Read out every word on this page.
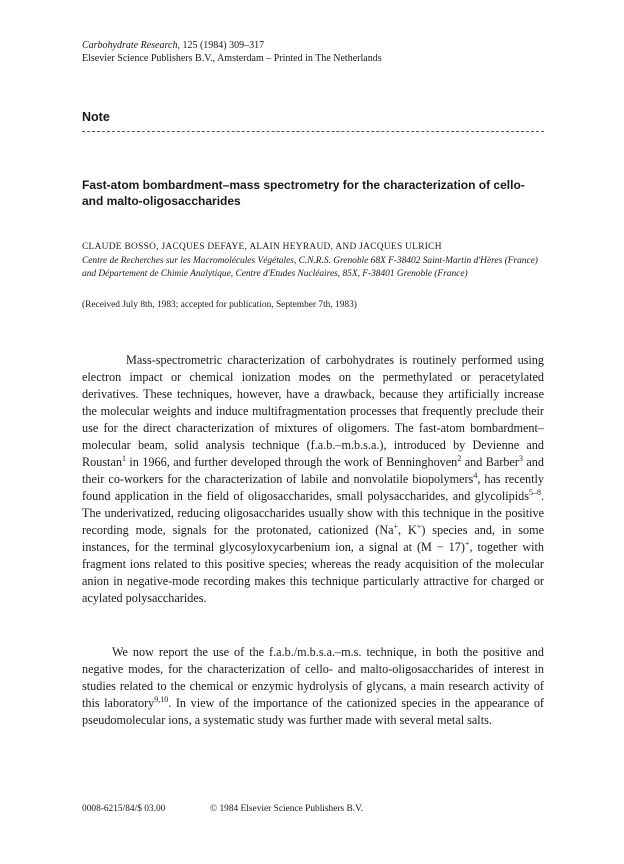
Carbohydrate Research, 125 (1984) 309–317
Elsevier Science Publishers B.V., Amsterdam – Printed in The Netherlands
Note
Fast-atom bombardment–mass spectrometry for the characterization of cello- and malto-oligosaccharides
CLAUDE BOSSO, JACQUES DEFAYE, ALAIN HEYRAUD, AND JACQUES ULRICH
Centre de Recherches sur les Macromolécules Végétales, C.N.R.S. Grenoble 68X F-38402 Saint-Martin d'Hères (France) and Département de Chimie Analytique, Centre d'Etudes Nucléaires, 85X, F-38401 Grenoble (France)
(Received July 8th, 1983; accepted for publication, September 7th, 1983)

Mass-spectrometric characterization of carbohydrates is routinely performed using electron impact or chemical ionization modes on the permethylated or peracetylated derivatives. These techniques, however, have a drawback, because they artificially increase the molecular weights and induce multifragmentation processes that frequently preclude their use for the direct characterization of mixtures of oligomers. The fast-atom bombardment–molecular beam, solid analysis technique (f.a.b.–m.b.s.a.), introduced by Devienne and Roustan$^1$ in 1966, and further developed through the work of Benninghoven$^2$ and Barber$^3$ and their co-workers for the characterization of labile and nonvolatile biopolymers$^4$, has recently found application in the field of oligosaccharides, small polysaccharides, and glycolipids$^{5-8}$. The underivatized, reducing oligosaccharides usually show with this technique in the positive recording mode, signals for the protonated, cationized (Na+, K+) species and, in some instances, for the terminal glycosyloxycarbenium ion, a signal at (M − 17)+, together with fragment ions related to this positive species; whereas the ready acquisition of the molecular anion in negative-mode recording makes this technique particularly attractive for charged or acylated polysaccharides.

We now report the use of the f.a.b./m.b.s.a.–m.s. technique, in both the positive and negative modes, for the characterization of cello- and malto-oligosaccharides of interest in studies related to the chemical or enzymic hydrolysis of glycans, a main research activity of this laboratory$^{9,10}$. In view of the importance of the cationized species in the appearance of pseudomolecular ions, a systematic study was further made with several metal salts.

0008-6215/84/$ 03.00	© 1984 Elsevier Science Publishers B.V.
